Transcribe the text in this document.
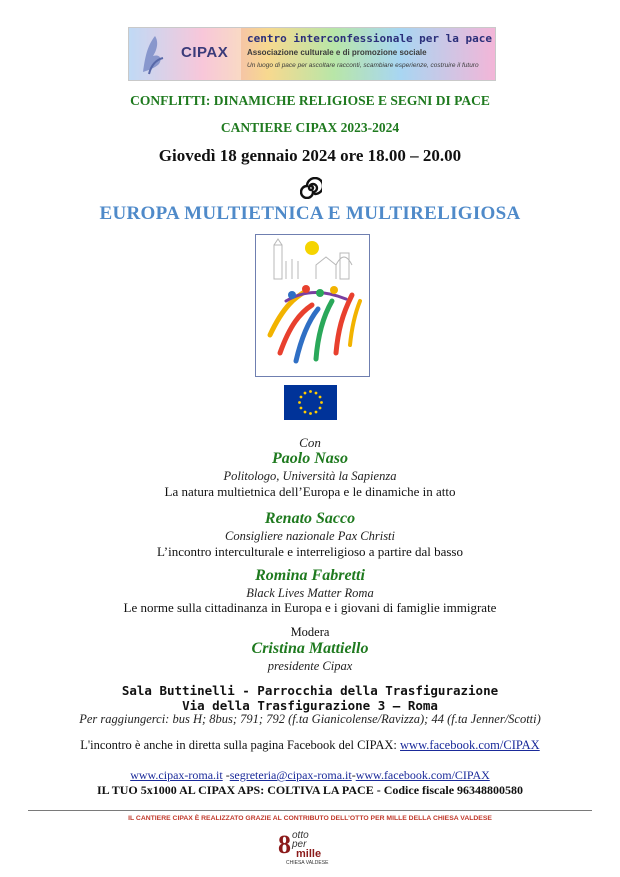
CIPAX
centro interconfessionale per la pace
Associazione culturale e di promozione sociale
Un luogo di pace per ascoltare racconti, scambiare esperienze, costruire il futuro
CONFLITTI: DINAMICHE RELIGIOSE E SEGNI DI PACE
CANTIERE CIPAX 2023-2024
Giovedì 18 gennaio 2024 ore 18.00 – 20.00
EUROPA MULTIETNICA E MULTIRELIGIOSA
Con
Paolo Naso
Politologo, Università la Sapienza
La natura multietnica dell’Europa e le dinamiche in atto
Renato Sacco
Consigliere nazionale Pax Christi
L’incontro interculturale e interreligioso a partire dal basso
Romina Fabretti
Black Lives Matter Roma
Le norme sulla cittadinanza in Europa e i giovani di famiglie immigrate
Modera
Cristina Mattiello
presidente Cipax
Sala Buttinelli - Parrocchia della Trasfigurazione
Via della Trasfigurazione 3 – Roma
Per raggiungerci: bus H; 8bus; 791; 792 (f.ta Gianicolense/Ravizza); 44 (f.ta Jenner/Scotti)
L'incontro è anche in diretta sulla pagina Facebook del CIPAX: www.facebook.com/CIPAX
www.cipax-roma.it -segreteria@cipax-roma.it-www.facebook.com/CIPAX
IL TUO 5x1000 AL CIPAX APS: COLTIVA LA PACE - Codice fiscale 96348800580
IL CANTIERE CIPAX È REALIZZATO GRAZIE AL CONTRIBUTO DELL’OTTO PER MILLE DELLA CHIESA VALDESE
8 otto
per
mille
CHIESA VALDESE
